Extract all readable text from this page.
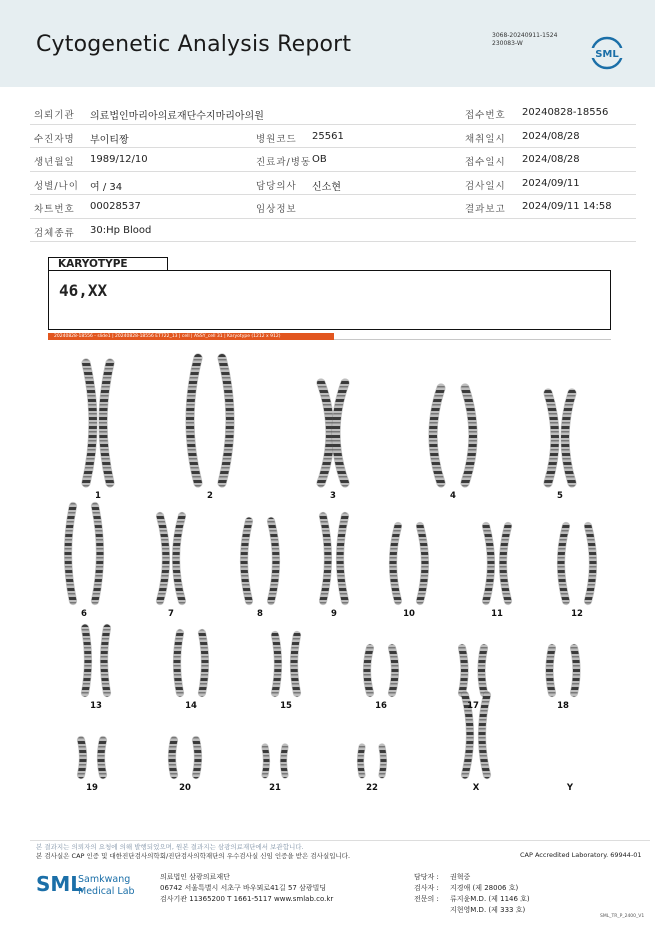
Cytogenetic Analysis Report	3068-20240911-1524
230083-W
SML
의뢰기관 의료법인마리아의료재단수지마리아의원	접수번호 20240828-18556
수진자명 부이티짱	병원코드 25561	채취일시 2024/08/28
생년월일 1989/12/10	진료과/병동 OB	접수일시 2024/08/28
성별/나이 여 / 34	담당의사 신소현	검사일시 2024/09/11
차트번호 00028537	임상정보	결과보고 2024/09/11 14:58
검체종류 30:Hp Blood
KARYOTYPE
46,XX
20240828-18556 - slide1 | 20240828-18556 ET722_13 | cell | ASSY_cell 31 | Karyotype (1212 x 912)
1	2	3	4	5
6	7	8	9	10	11	12
13	14	15	16	17	18
19	20	21	22	X	Y
본 결과지는 의뢰자의 요청에 의해 발행되었으며, 원본 결과지는 삼광의료재단에서 보관합니다.
본 검사실은 CAP 인증 및 대한진단검사의학회/진단검사의학재단의 우수검사실 신임 인증을 받은 검사실입니다.	CAP Accredited Laboratory. 69944-01
SML
Samkwang
Medical Lab
의료법인 삼광의료재단
06742 서울특별시 서초구 바우뫼로41길 57 삼광빌딩
검사기관 11365200 T 1661-5117 www.smlab.co.kr
담당자 : 권혁중
검사자 : 지경애 (제 28006 호)
전문의 : 류지윤M.D. (제 1146 호)
지현영M.D. (제 333 호)
SML_TR_P_2400_V1
